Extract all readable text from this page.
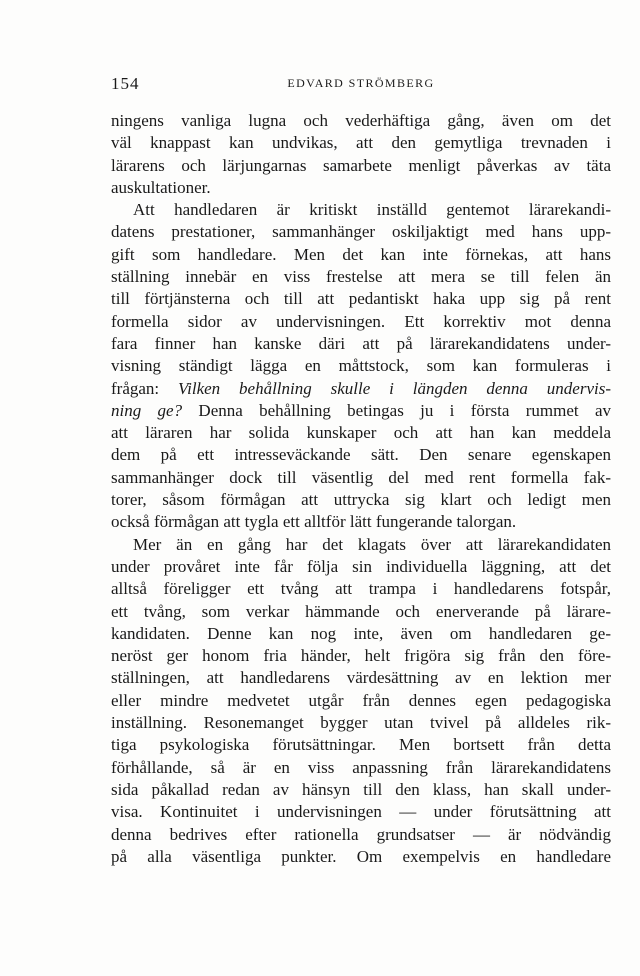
154	EDVARD STRÖMBERG
ningens vanliga lugna och vederhäftiga gång, även om det
väl knappast kan undvikas, att den gemytliga trevnaden i
lärarens och lärjungarnas samarbete menligt påverkas av täta
auskultationer.
Att handledaren är kritiskt inställd gentemot lärarekandi-
datens prestationer, sammanhänger oskiljaktigt med hans upp-
gift som handledare. Men det kan inte förnekas, att hans
ställning innebär en viss frestelse att mera se till felen än
till förtjänsterna och till att pedantiskt haka upp sig på rent
formella sidor av undervisningen. Ett korrektiv mot denna
fara finner han kanske däri att på lärarekandidatens under-
visning ständigt lägga en måttstock, som kan formuleras i
frågan: Vilken behållning skulle i längden denna undervis-
ning ge? Denna behållning betingas ju i första rummet av
att läraren har solida kunskaper och att han kan meddela
dem på ett intresseväckande sätt. Den senare egenskapen
sammanhänger dock till väsentlig del med rent formella fak-
torer, såsom förmågan att uttrycka sig klart och ledigt men
också förmågan att tygla ett alltför lätt fungerande talorgan.
Mer än en gång har det klagats över att lärarekandidaten
under provåret inte får följa sin individuella läggning, att det
alltså föreligger ett tvång att trampa i handledarens fotspår,
ett tvång, som verkar hämmande och enerverande på lärare-
kandidaten. Denne kan nog inte, även om handledaren ge-
neröst ger honom fria händer, helt frigöra sig från den före-
ställningen, att handledarens värdesättning av en lektion mer
eller mindre medvetet utgår från dennes egen pedagogiska
inställning. Resonemanget bygger utan tvivel på alldeles rik-
tiga psykologiska förutsättningar. Men bortsett från detta
förhållande, så är en viss anpassning från lärarekandidatens
sida påkallad redan av hänsyn till den klass, han skall under-
visa. Kontinuitet i undervisningen — under förutsättning att
denna bedrives efter rationella grundsatser — är nödvändig
på alla väsentliga punkter. Om exempelvis en handledare
